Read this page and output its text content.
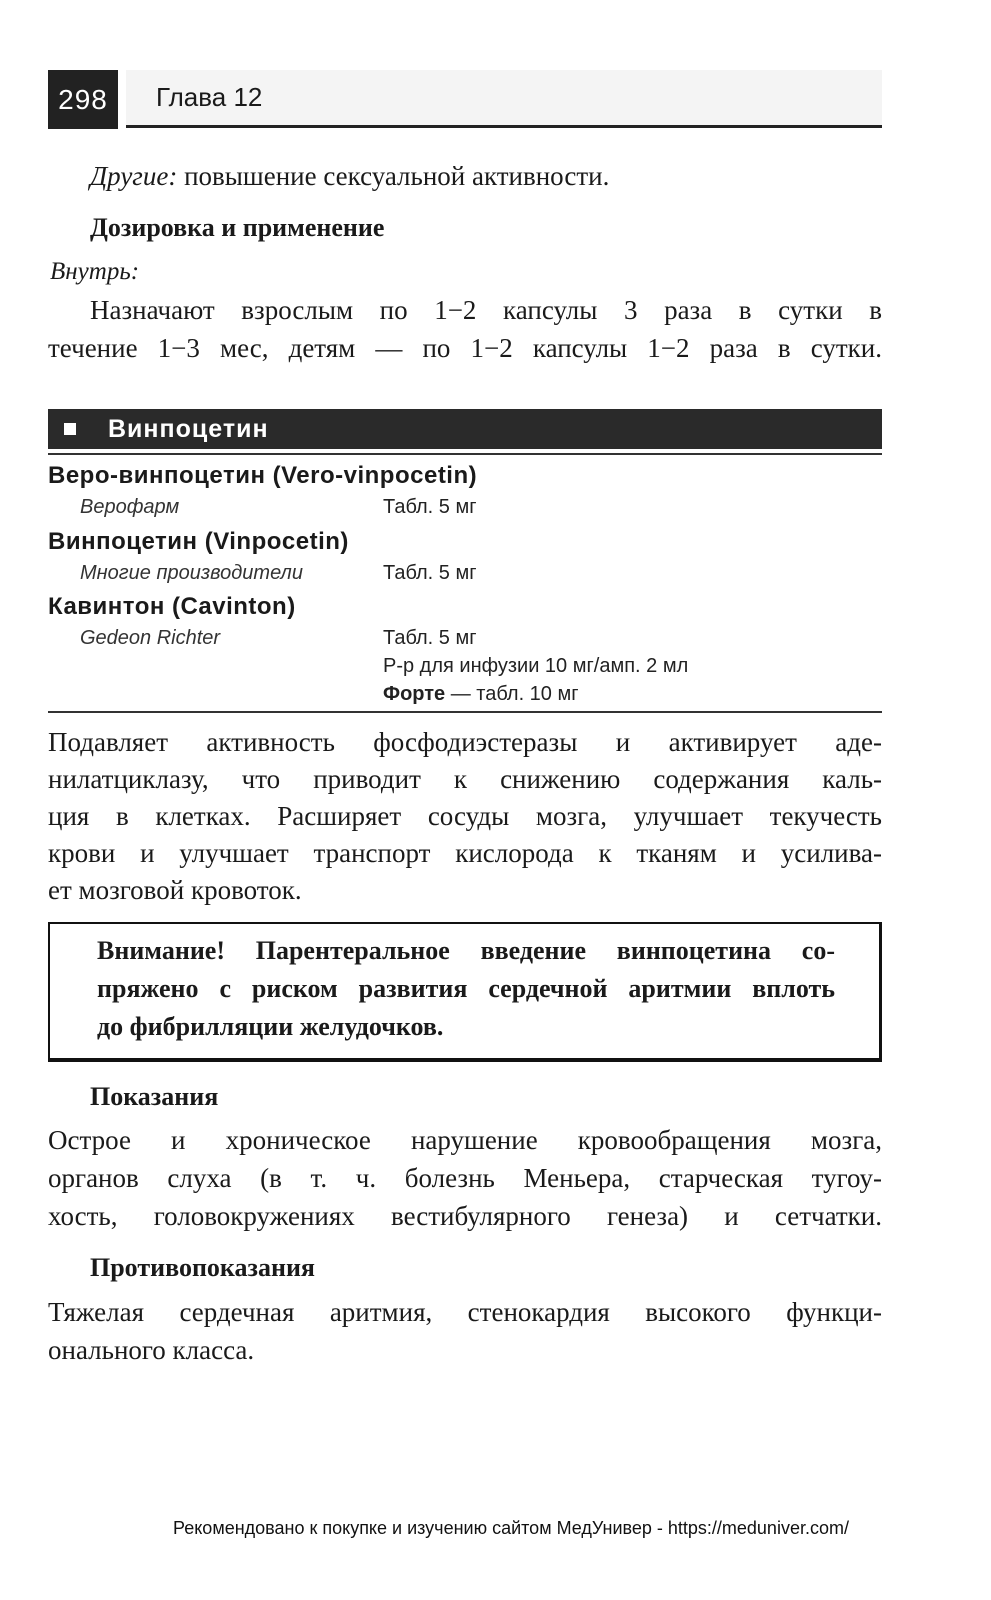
298	Глава 12
Другие: повышение сексуальной активности.
Дозировка и применение
Внутрь:
Назначают взрослым по 1−2 капсулы 3 раза в сутки в
течение 1−3 мес, детям — по 1−2 капсулы 1−2 раза в сутки.
Винпоцетин
Веро-винпоцетин (Vero-vinpocetin)
Верофарм	Табл. 5 мг
Винпоцетин (Vinpocetin)
Многие производители	Табл. 5 мг
Кавинтон (Cavinton)
Gedeon Richter	Табл. 5 мг
Р-р для инфузии 10 мг/амп. 2 мл
Форте — табл. 10 мг
Подавляет активность фосфодиэстеразы и активирует аде-
нилатциклазу, что приводит к снижению содержания каль-
ция в клетках. Расширяет сосуды мозга, улучшает текучесть
крови и улучшает транспорт кислорода к тканям и усилива-
ет мозговой кровоток.
Внимание! Парентеральное введение винпоцетина со-
пряжено с риском развития сердечной аритмии вплоть
до фибрилляции желудочков.
Показания
Острое и хроническое нарушение кровообращения мозга,
органов слуха (в т. ч. болезнь Меньера, старческая тугоу-
хость, головокружениях вестибулярного генеза) и сетчатки.
Противопоказания
Тяжелая сердечная аритмия, стенокардия высокого функци-
онального класса.
Рекомендовано к покупке и изучению сайтом МедУнивер - https://meduniver.com/
